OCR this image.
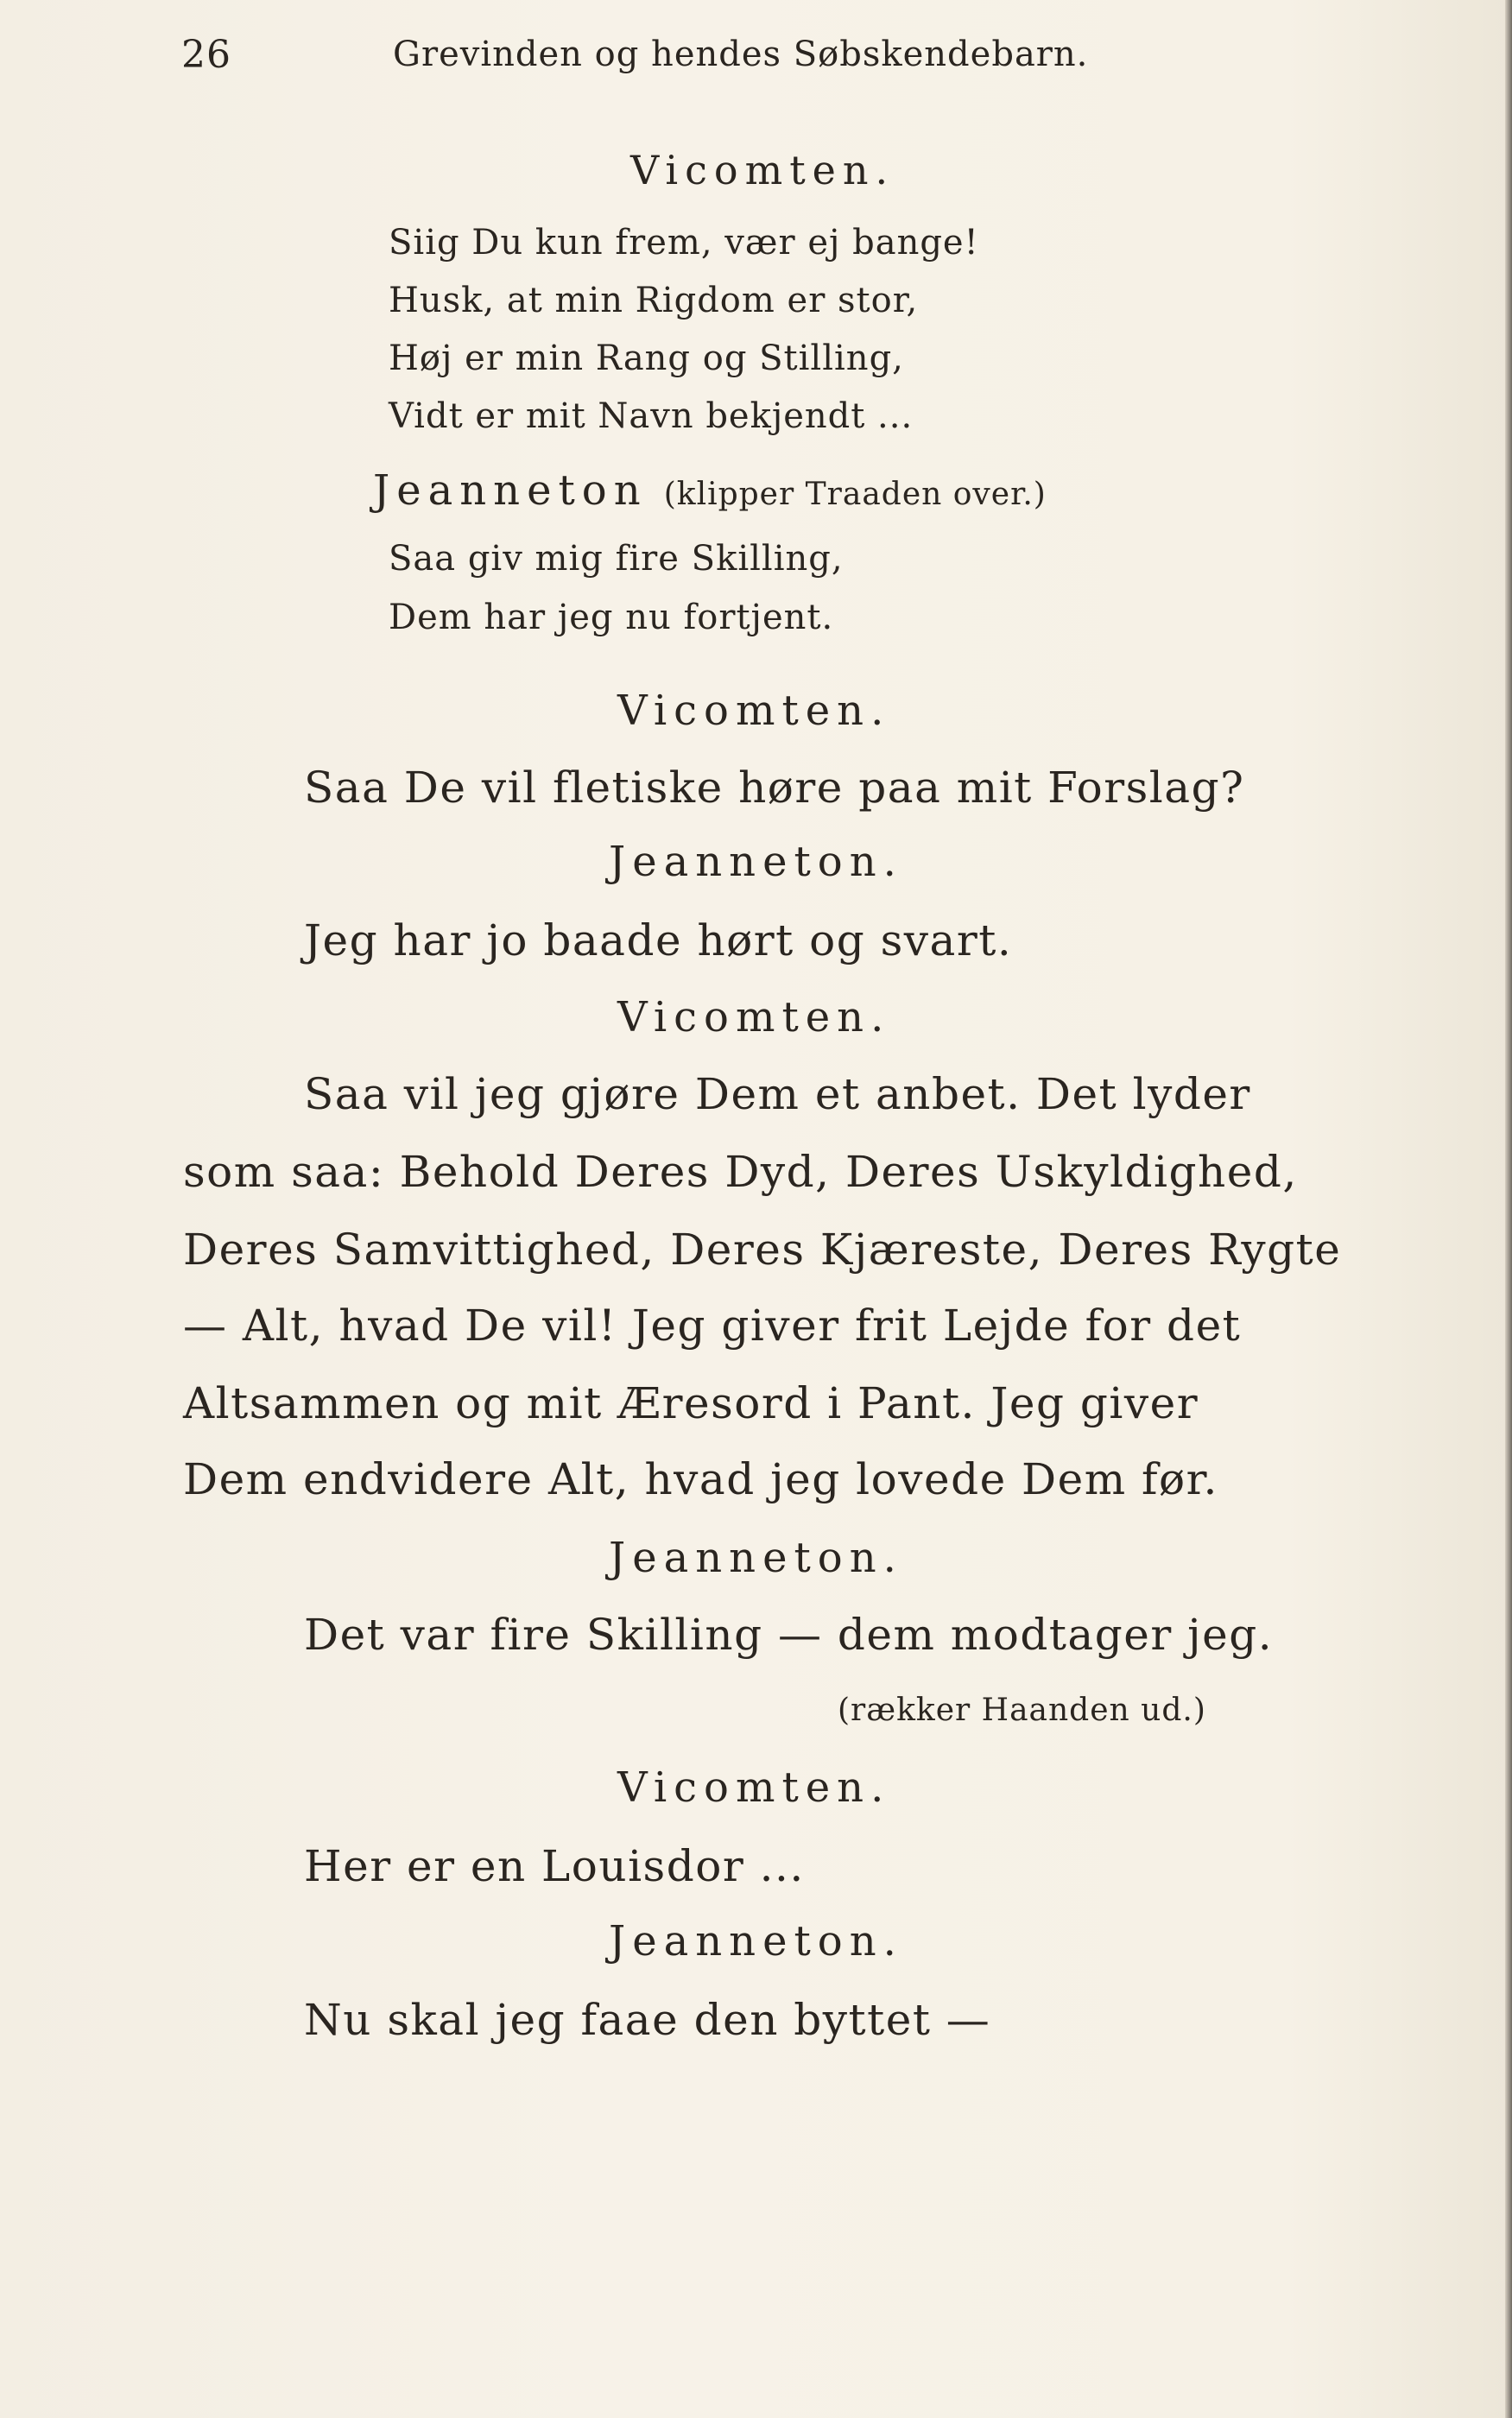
26	Grevinden og hendes Søbskendebarn.
Vicomten.
Siig Du kun frem, vær ej bange!
Husk, at min Rigdom er stor,
Høj er min Rang og Stilling,
Vidt er mit Navn bekjendt ...
Jeanneton (klipper Traaden over.)
Saa giv mig fire Skilling,
Dem har jeg nu fortjent.
Vicomten.
Saa De vil fletiske høre paa mit Forslag?
Jeanneton.
Jeg har jo baade hørt og svart.
Vicomten.
Saa vil jeg gjøre Dem et anbet. Det lyder
som saa: Behold Deres Dyd, Deres Uskyldighed,
Deres Samvittighed, Deres Kjæreste, Deres Rygte
— Alt, hvad De vil! Jeg giver frit Lejde for det
Altsammen og mit Æresord i Pant. Jeg giver
Dem endvidere Alt, hvad jeg lovede Dem før.
Jeanneton.
Det var fire Skilling — dem modtager jeg.
(rækker Haanden ud.)
Vicomten.
Her er en Louisdor ...
Jeanneton.
Nu skal jeg faae den byttet —
